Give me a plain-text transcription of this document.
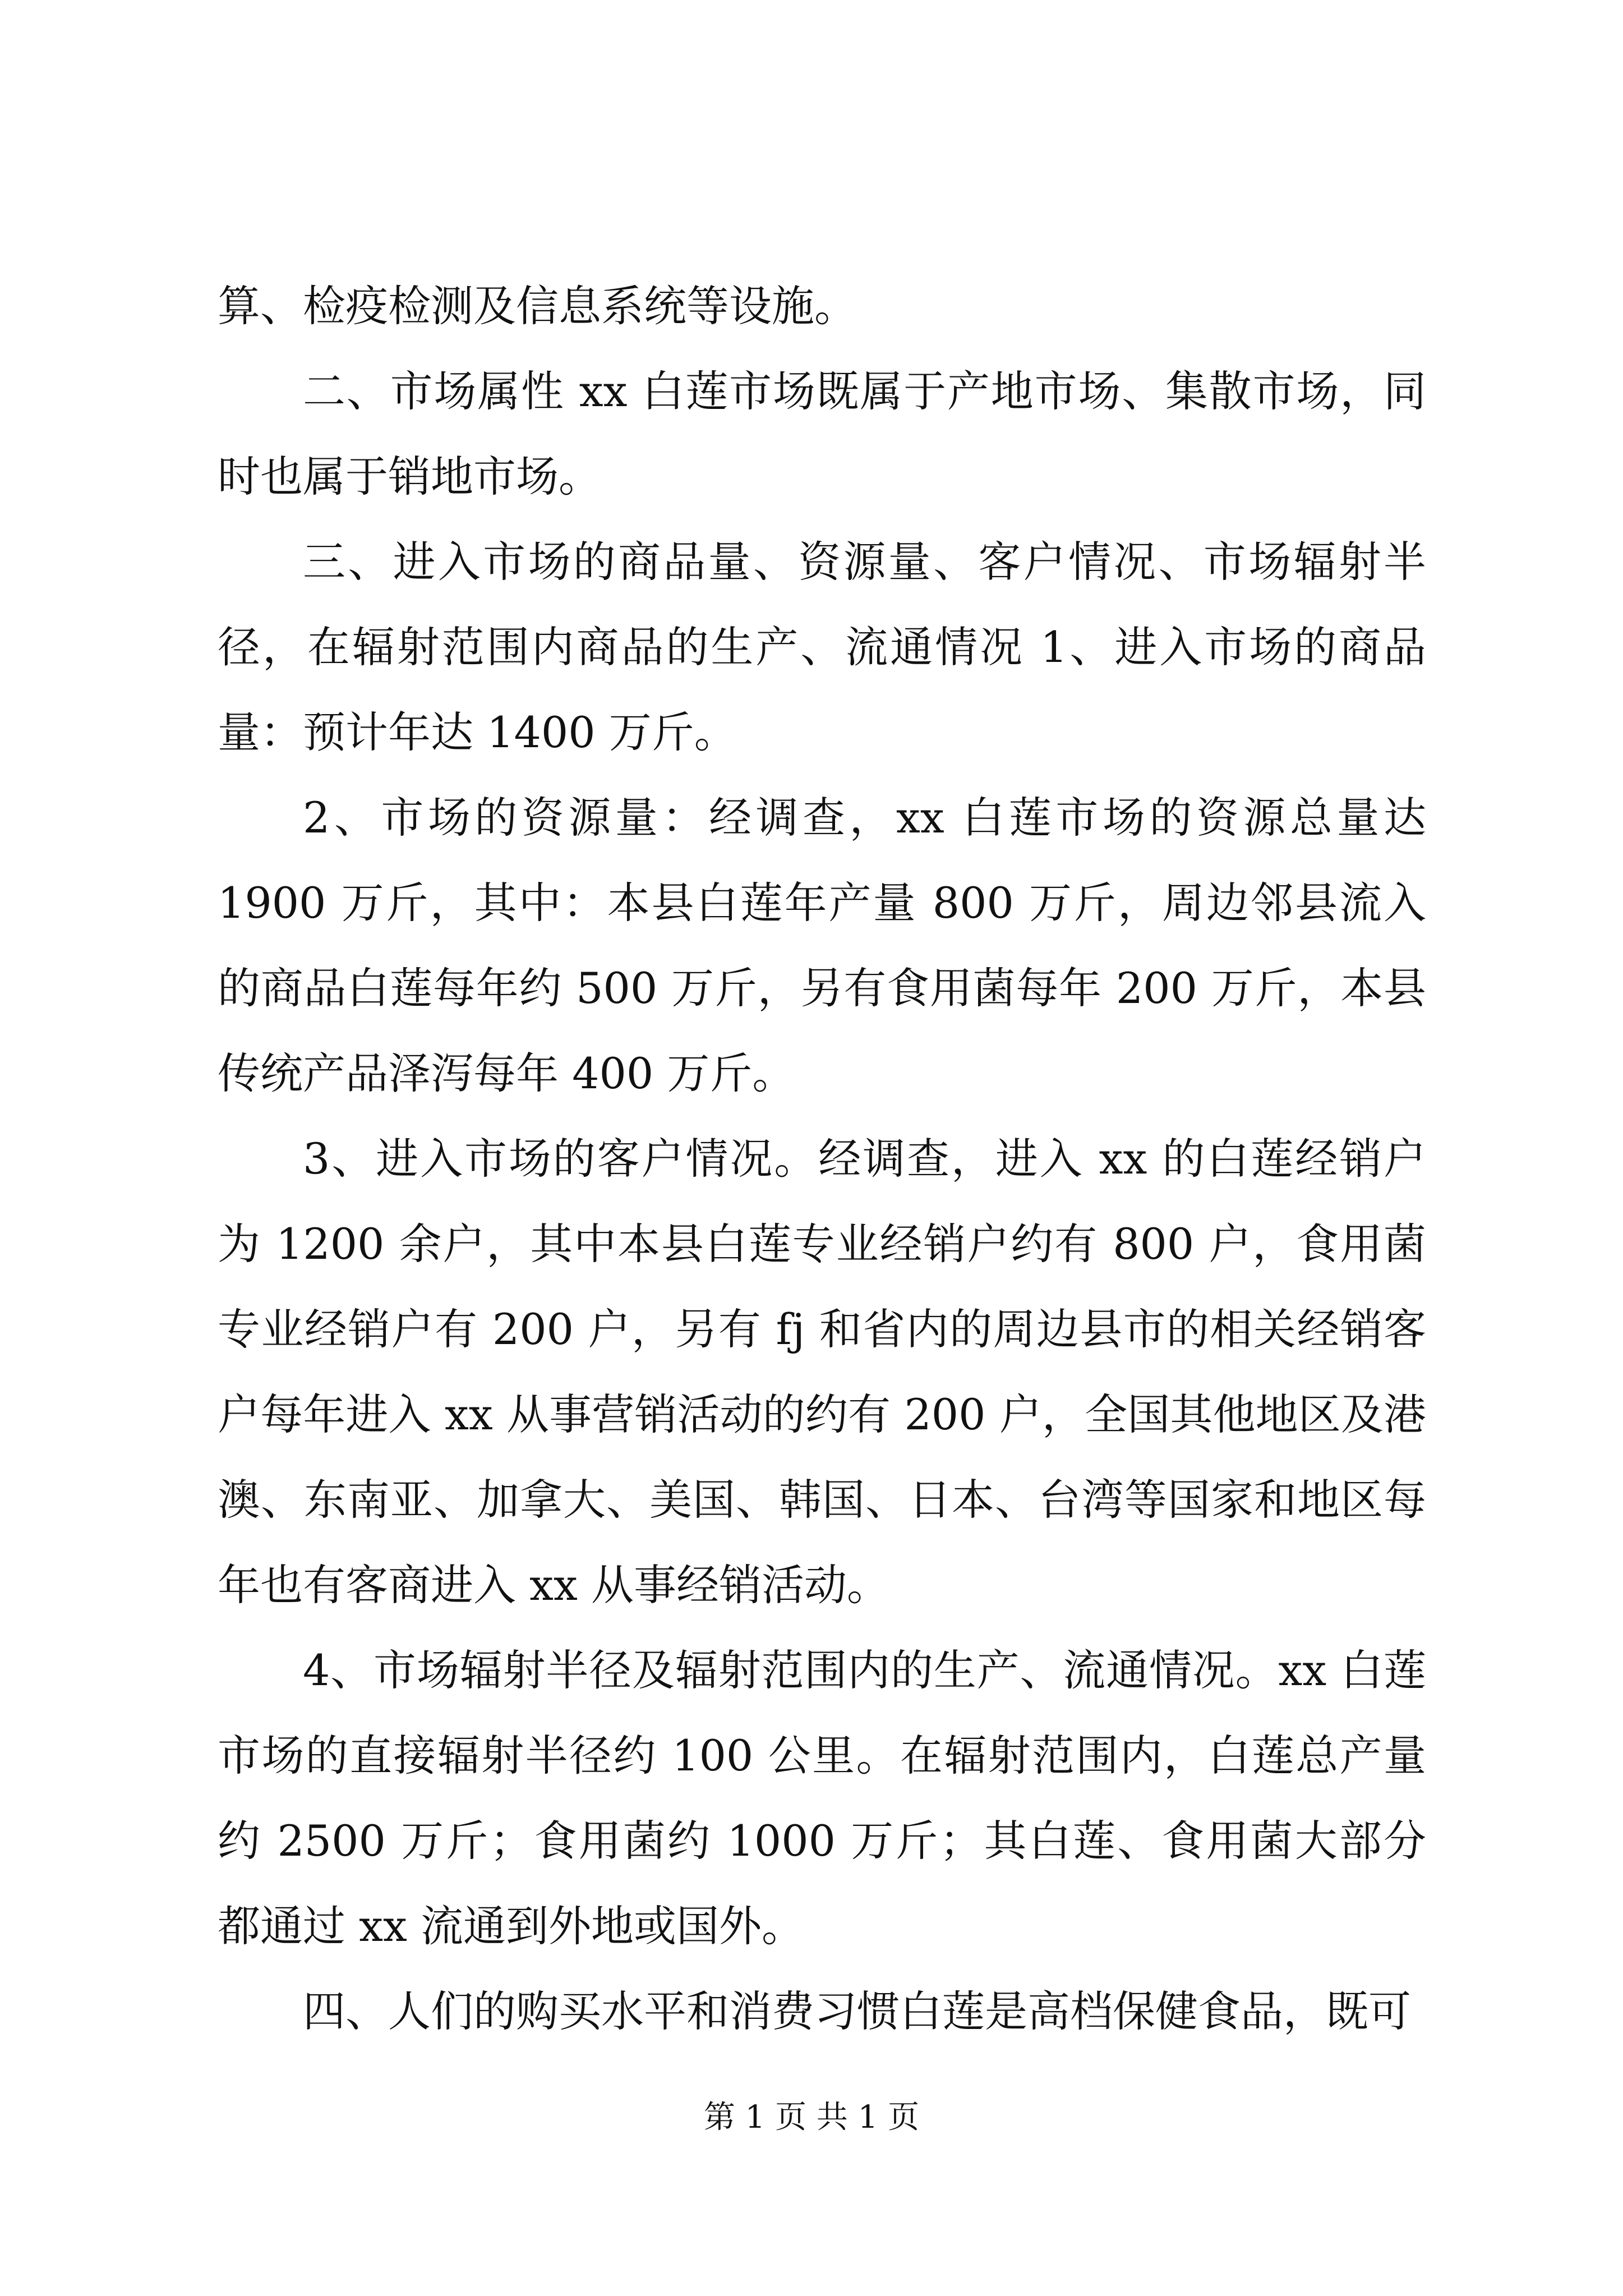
算、检疫检测及信息系统等设施。

二、市场属性 xx 白莲市场既属于产地市场、集散市场，同时也属于销地市场。

三、进入市场的商品量、资源量、客户情况、市场辐射半径，在辐射范围内商品的生产、流通情况 1、进入市场的商品量：预计年达 1400 万斤。

2、市场的资源量：经调查，xx 白莲市场的资源总量达 1900 万斤，其中：本县白莲年产量 800 万斤，周边邻县流入的商品白莲每年约 500 万斤，另有食用菌每年 200 万斤，本县传统产品泽泻每年 400 万斤。

3、进入市场的客户情况。经调查，进入 xx 的白莲经销户为 1200 余户，其中本县白莲专业经销户约有 800 户，食用菌专业经销户有 200 户，另有 fj 和省内的周边县市的相关经销客户每年进入 xx 从事营销活动的约有 200 户，全国其他地区及港澳、东南亚、加拿大、美国、韩国、日本、台湾等国家和地区每年也有客商进入 xx 从事经销活动。

4、市场辐射半径及辐射范围内的生产、流通情况。xx 白莲市场的直接辐射半径约 100 公里。在辐射范围内，白莲总产量约 2500 万斤；食用菌约 1000 万斤；其白莲、食用菌大部分都通过 xx 流通到外地或国外。

四、人们的购买水平和消费习惯白莲是高档保健食品，既可

第 1 页 共 1 页
